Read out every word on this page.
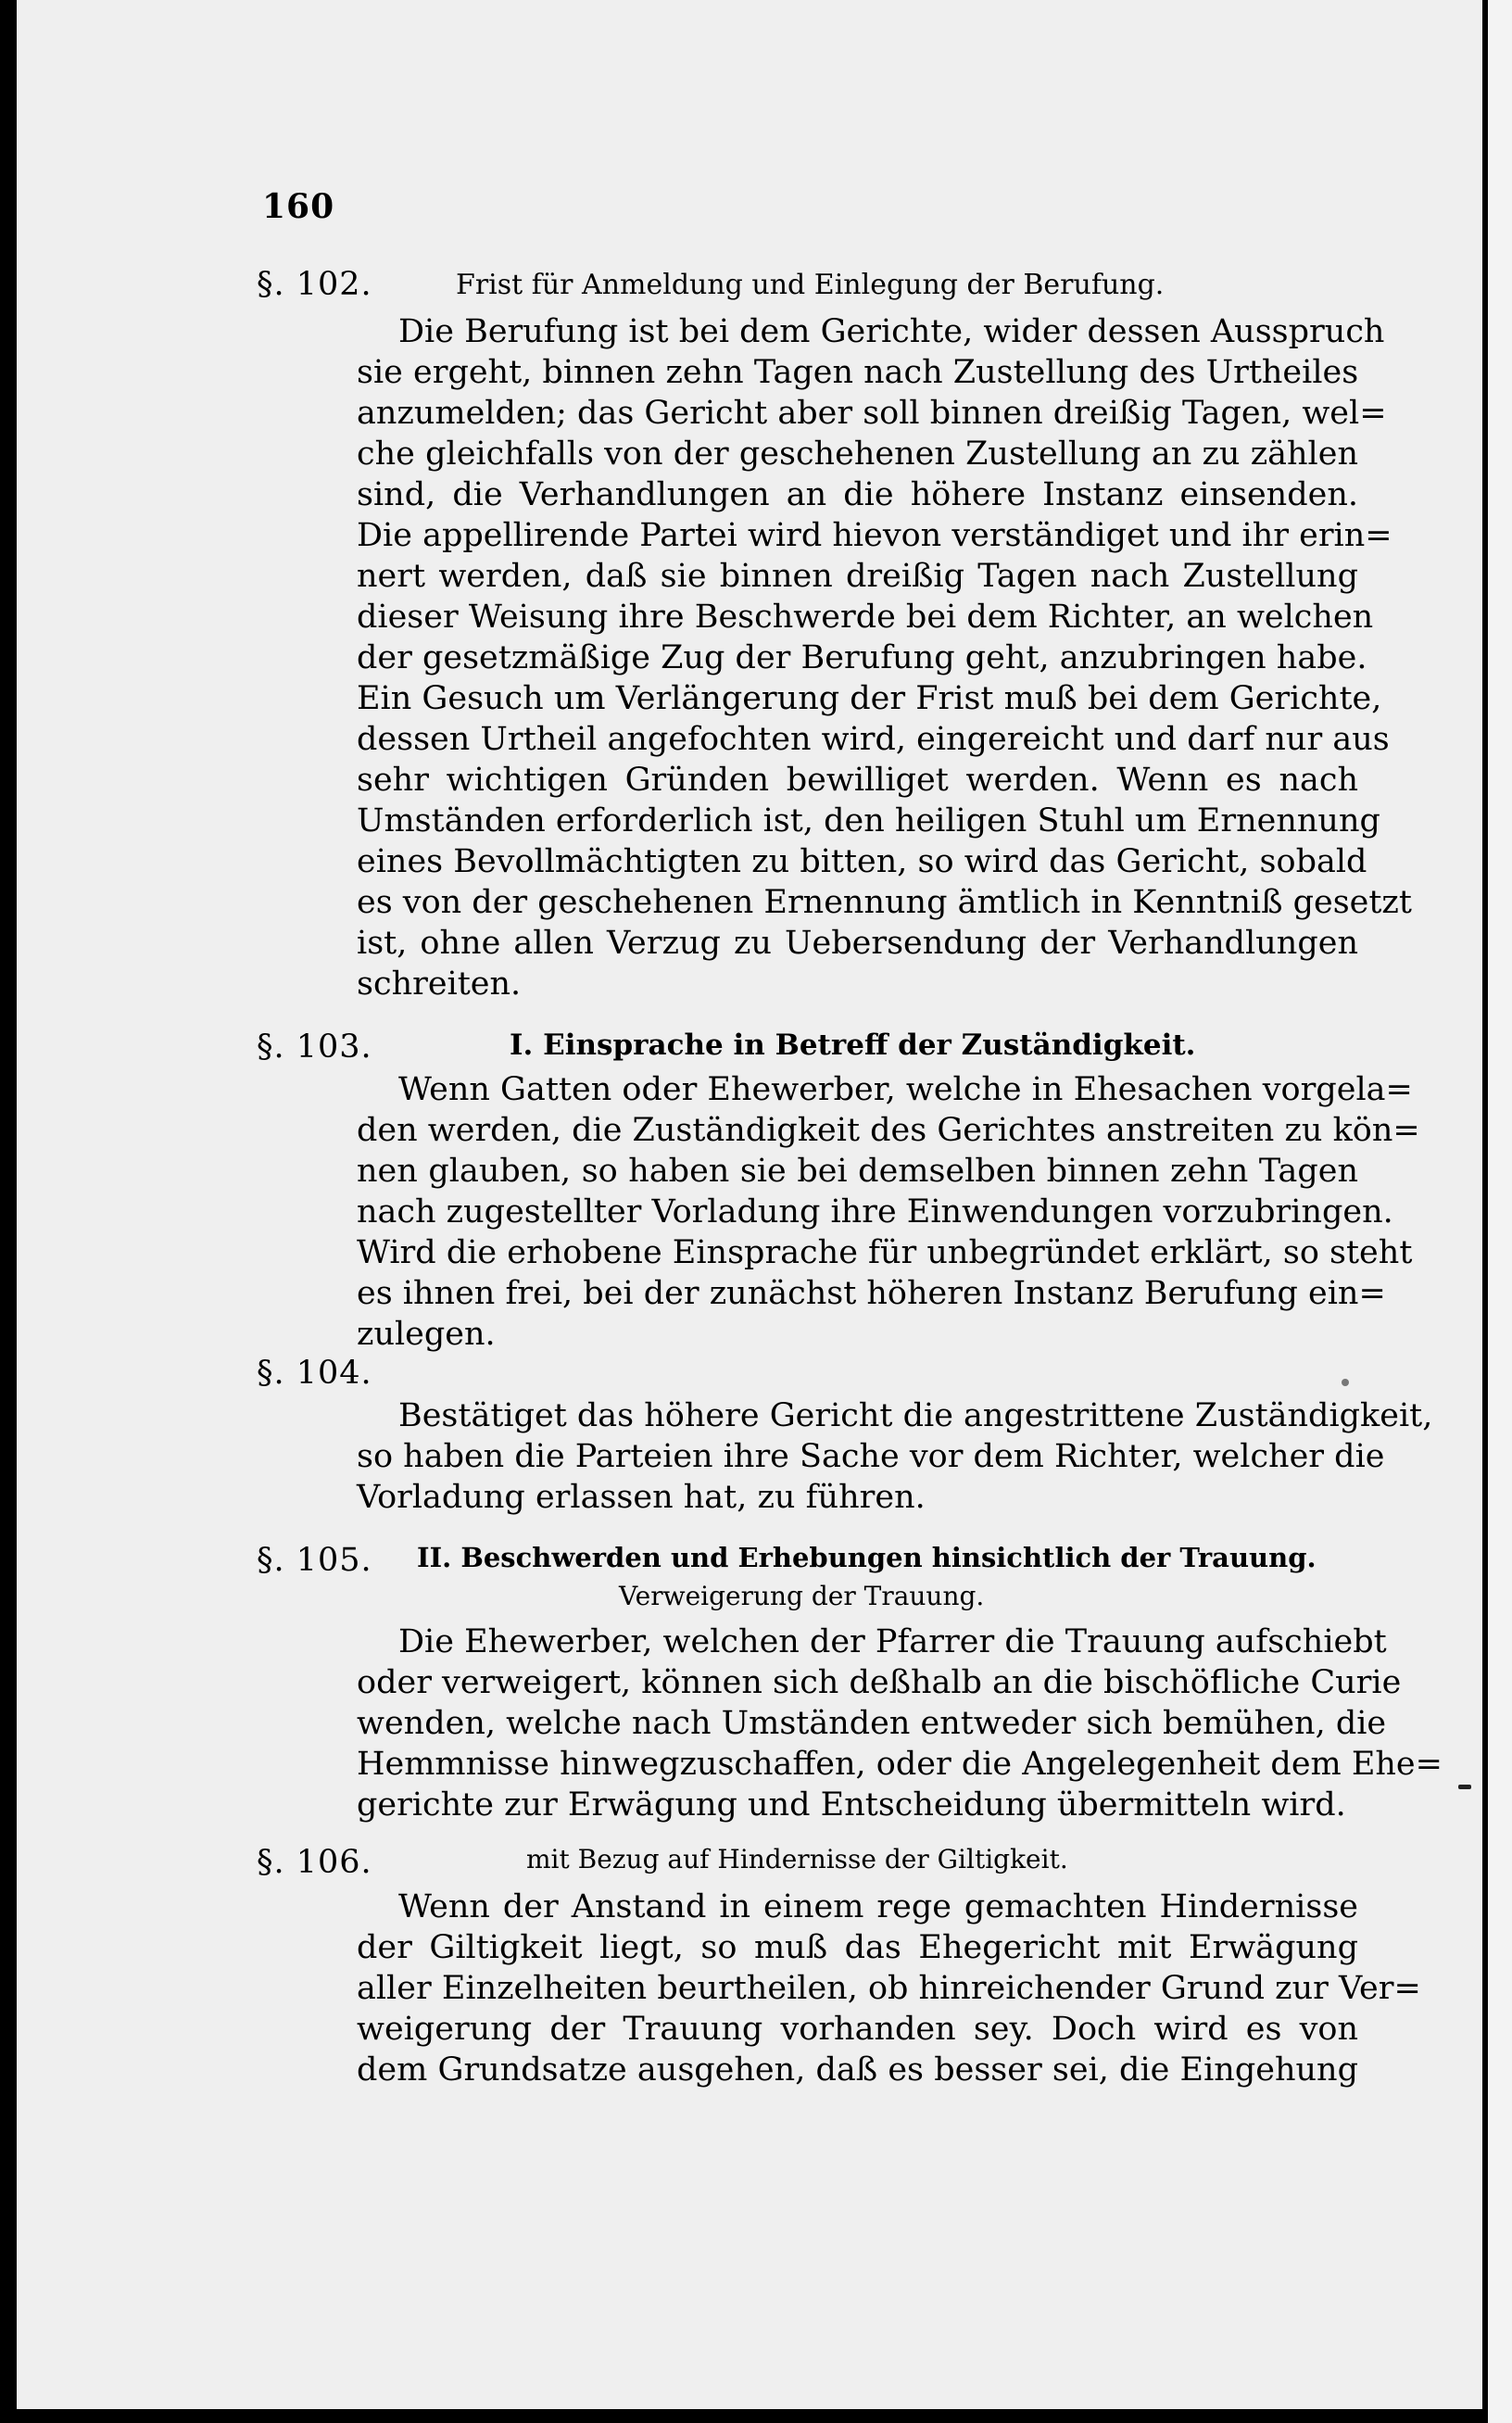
160
§. 102.	Frist für Anmeldung und Einlegung der Berufung.
Die Berufung ist bei dem Gerichte, wider dessen Ausspruch
sie ergeht, binnen zehn Tagen nach Zustellung des Urtheiles
anzumelden; das Gericht aber soll binnen dreißig Tagen, wel=
che gleichfalls von der geschehenen Zustellung an zu zählen
sind, die Verhandlungen an die höhere Instanz einsenden.
Die appellirende Partei wird hievon verständiget und ihr erin=
nert werden, daß sie binnen dreißig Tagen nach Zustellung
dieser Weisung ihre Beschwerde bei dem Richter, an welchen
der gesetzmäßige Zug der Berufung geht, anzubringen habe.
Ein Gesuch um Verlängerung der Frist muß bei dem Gerichte,
dessen Urtheil angefochten wird, eingereicht und darf nur aus
sehr wichtigen Gründen bewilliget werden. Wenn es nach
Umständen erforderlich ist, den heiligen Stuhl um Ernennung
eines Bevollmächtigten zu bitten, so wird das Gericht, sobald
es von der geschehenen Ernennung ämtlich in Kenntniß gesetzt
ist, ohne allen Verzug zu Uebersendung der Verhandlungen
schreiten.
§. 103.	I. Einsprache in Betreff der Zuständigkeit.
Wenn Gatten oder Ehewerber, welche in Ehesachen vorgela=
den werden, die Zuständigkeit des Gerichtes anstreiten zu kön=
nen glauben, so haben sie bei demselben binnen zehn Tagen
nach zugestellter Vorladung ihre Einwendungen vorzubringen.
Wird die erhobene Einsprache für unbegründet erklärt, so steht
es ihnen frei, bei der zunächst höheren Instanz Berufung ein=
zulegen.
§. 104.
Bestätiget das höhere Gericht die angestrittene Zuständigkeit,
so haben die Parteien ihre Sache vor dem Richter, welcher die
Vorladung erlassen hat, zu führen.
§. 105. II. Beschwerden und Erhebungen hinsichtlich der Trauung.
Verweigerung der Trauung.
Die Ehewerber, welchen der Pfarrer die Trauung aufschiebt
oder verweigert, können sich deßhalb an die bischöfliche Curie
wenden, welche nach Umständen entweder sich bemühen, die
Hemmnisse hinwegzuschaffen, oder die Angelegenheit dem Ehe=
gerichte zur Erwägung und Entscheidung übermitteln wird.
§. 106.	mit Bezug auf Hindernisse der Giltigkeit.
Wenn der Anstand in einem rege gemachten Hindernisse
der Giltigkeit liegt, so muß das Ehegericht mit Erwägung
aller Einzelheiten beurtheilen, ob hinreichender Grund zur Ver=
weigerung der Trauung vorhanden sey. Doch wird es von
dem Grundsatze ausgehen, daß es besser sei, die Eingehung
